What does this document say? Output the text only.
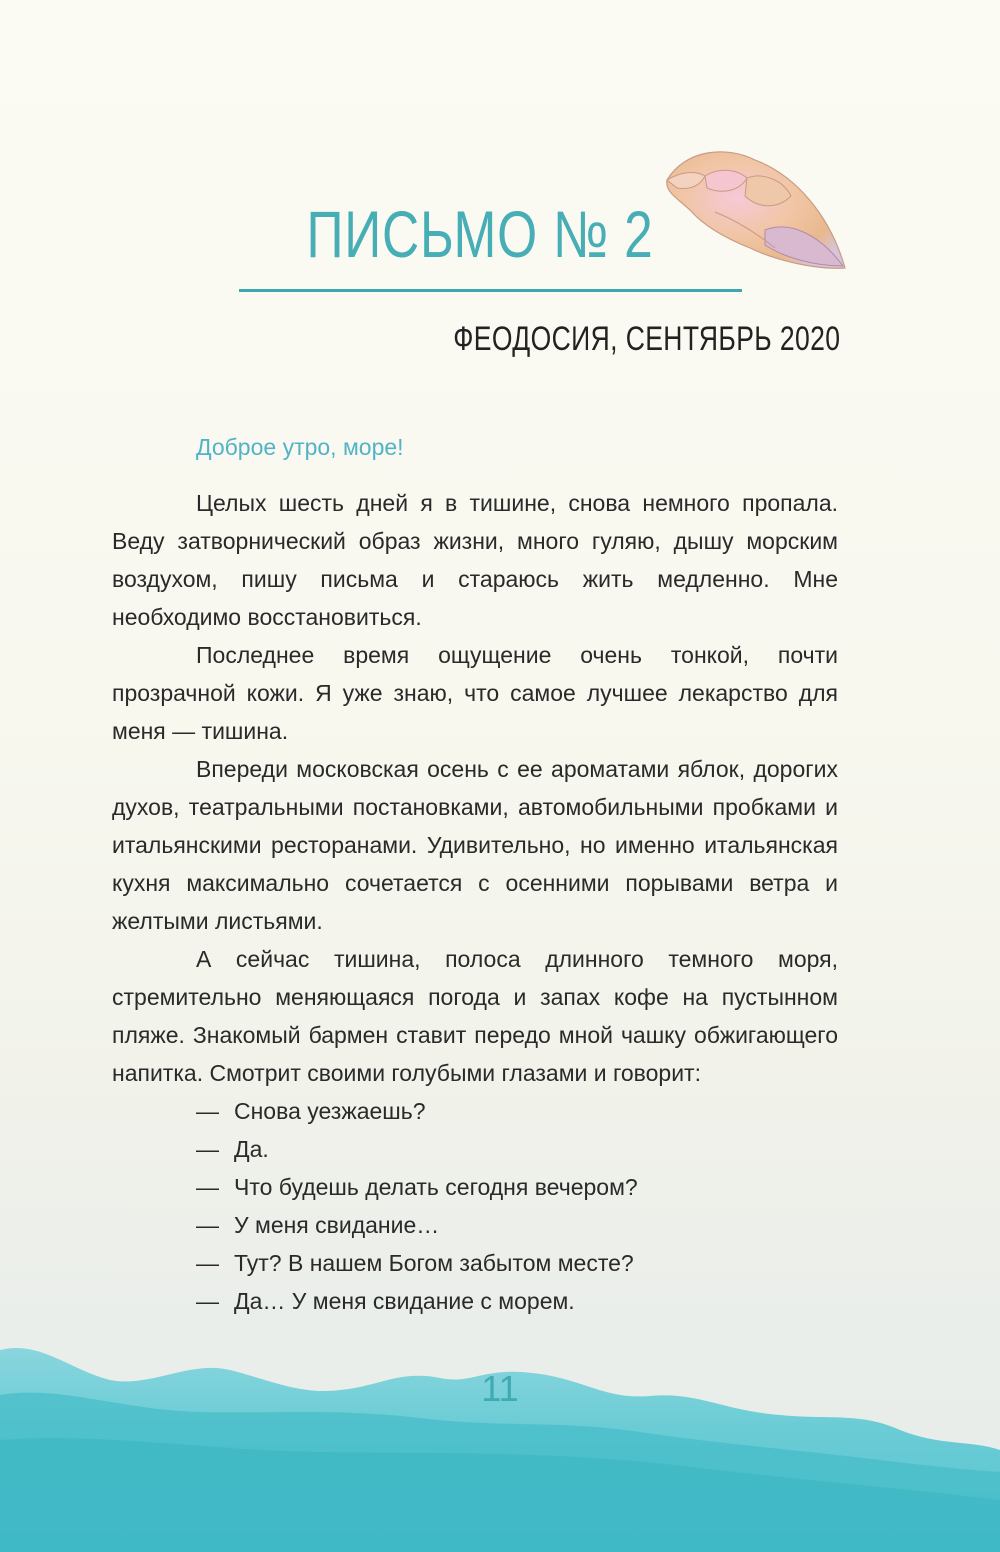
ПИСЬМО № 2
ФЕОДОСИЯ, СЕНТЯБРЬ 2020
Доброе утро, море!

Целых шесть дней я в тишине, снова немного пропала. Веду затворнический образ жизни, много гуляю, дышу морским воздухом, пишу письма и стараюсь жить медленно. Мне необходимо восстановиться.

Последнее время ощущение очень тонкой, почти прозрачной кожи. Я уже знаю, что самое лучшее лекарство для меня — тишина.

Впереди московская осень с ее ароматами яблок, дорогих духов, театральными постановками, автомобильными пробками и итальянскими ресторанами. Удивительно, но именно итальянская кухня максимально сочетается с осенними порывами ветра и желтыми листьями.

А сейчас тишина, полоса длинного темного моря, стремительно меняющаяся погода и запах кофе на пустынном пляже. Знакомый бармен ставит передо мной чашку обжигающего напитка. Смотрит своими голубыми глазами и говорит:

— Снова уезжаешь?
— Да.
— Что будешь делать сегодня вечером?
— У меня свидание…
— Тут? В нашем Богом забытом месте?
— Да… У меня свидание с морем.
11
